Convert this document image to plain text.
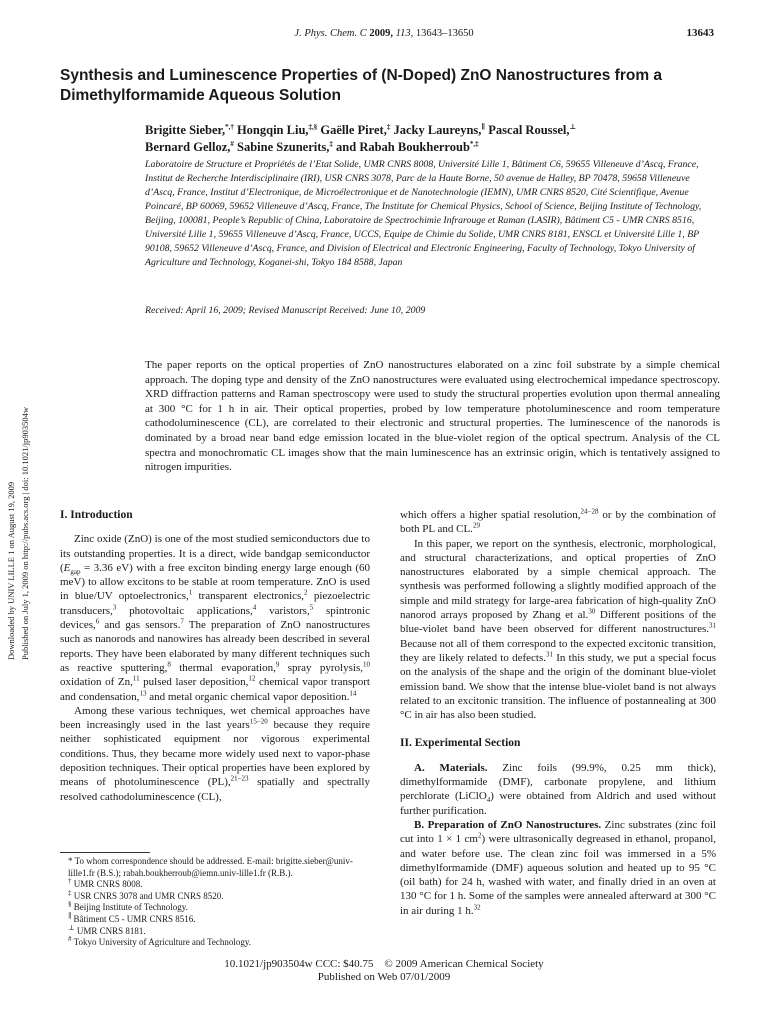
J. Phys. Chem. C 2009, 113, 13643–13650	13643
Synthesis and Luminescence Properties of (N-Doped) ZnO Nanostructures from a Dimethylformamide Aqueous Solution
Brigitte Sieber,*,† Hongqin Liu,‡,§ Gaëlle Piret,‡ Jacky Laureyns,∥ Pascal Roussel,⊥
Bernard Gelloz,# Sabine Szunerits,‡ and Rabah Boukherroub*,‡
Laboratoire de Structure et Propriétés de l’Etat Solide, UMR CNRS 8008, Université Lille 1, Bâtiment C6, 59655 Villeneuve d’Ascq, France, Institut de Recherche Interdisciplinaire (IRI), USR CNRS 3078, Parc de la Haute Borne, 50 avenue de Halley, BP 70478, 59658 Villeneuve d’Ascq, France, Institut d’Electronique, de Microélectronique et de Nanotechnologie (IEMN), UMR CNRS 8520, Cité Scientifique, Avenue Poincaré, BP 60069, 59652 Villeneuve d’Ascq, France, The Institute for Chemical Physics, School of Science, Beijing Institute of Technology, Beijing, 100081, People’s Republic of China, Laboratoire de Spectrochimie Infrarouge et Raman (LASIR), Bâtiment C5 - UMR CNRS 8516, Université Lille 1, 59655 Villeneuve d’Ascq, France, UCCS, Equipe de Chimie du Solide, UMR CNRS 8181, ENSCL et Université Lille 1, BP 90108, 59652 Villeneuve d’Ascq, France, and Division of Electrical and Electronic Engineering, Faculty of Technology, Tokyo University of Agriculture and Technology, Koganei-shi, Tokyo 184 8588, Japan
Received: April 16, 2009; Revised Manuscript Received: June 10, 2009
The paper reports on the optical properties of ZnO nanostructures elaborated on a zinc foil substrate by a simple chemical approach. The doping type and density of the ZnO nanostructures were evaluated using electrochemical impedance spectroscopy. XRD diffraction patterns and Raman spectroscopy were used to study the structural properties evolution upon thermal annealing at 300 °C for 1 h in air. Their optical properties, probed by low temperature photoluminescence and room temperature cathodoluminescence (CL), are correlated to their electronic and structural properties. The luminescence of the nanorods is dominated by a broad near band edge emission located in the blue-violet region of the optical spectrum. Analysis of the CL spectra and monochromatic CL images show that the main luminescence has an extrinsic origin, which is tentatively assigned to nitrogen impurities.
Downloaded by UNIV LILLE 1 on August 19, 2009 Published on July 1, 2009 on http://pubs.acs.org | doi: 10.1021/jp903504w	I. Introduction

Zinc oxide (ZnO) is one of the most studied semiconductors due to its outstanding properties. It is a direct, wide bandgap semiconductor ($E_{gap} = 3.36$ eV) with a free exciton binding energy large enough (60 meV) to allow excitons to be stable at room temperature. ZnO is used in blue/UV optoelectronics,$^1$ transparent electronics,$^2$ piezoelectric transducers,$^3$ photovoltaic applications,$^4$ varistors,$^5$ spintronic devices,$^6$ and gas sensors.$^7$ The preparation of ZnO nanostructures such as nanorods and nanowires has already been described in several reports. They have been elaborated by many different techniques such as reactive sputtering,$^8$ thermal evaporation,$^9$ spray pyrolysis,$^{10}$ oxidation of Zn,$^{11}$ pulsed laser deposition,$^{12}$ chemical vapor transport and condensation,$^{13}$ and metal organic chemical vapor deposition.$^{14}$

Among these various techniques, wet chemical approaches have been increasingly used in the last years$^{15-20}$ because they require neither sophisticated equipment nor vigorous experimental conditions. Thus, they became more widely used next to vapor-phase deposition techniques. Their optical properties have been explored by means of photoluminescence (PL),$^{21-23}$ spatially and spectrally resolved cathodoluminescence (CL),

which offers a higher spatial resolution,$^{24-28}$ or by the combination of both PL and CL.$^{29}$

In this paper, we report on the synthesis, electronic, morphological, and structural characterizations, and optical properties of ZnO nanostructures elaborated by a simple chemical approach. The synthesis was performed following a slightly modified approach of the simple and mild strategy for large-area fabrication of high-quality ZnO nanorod arrays proposed by Zhang et al.$^{30}$ Different positions of the blue-violet band have been observed for different nanostructures.$^{31}$ Because not all of them correspond to the expected excitonic transition, they are likely related to defects.$^{31}$ In this study, we put a special focus on the analysis of the shape and the origin of the dominant blue-violet emission band. We show that the intense blue-violet band is not always related to an excitonic transition. The influence of postannealing at 300 °C in air has also been studied.

II. Experimental Section

A. Materials. Zinc foils (99.9%, 0.25 mm thick), dimethylformamide (DMF), carbonate propylene, and lithium perchlorate (LiClO$_4$) were obtained from Aldrich and used without further purification.

B. Preparation of ZnO Nanostructures. Zinc substrates (zinc foil cut into 1 × 1 $cm^2$) were ultrasonically degreased in ethanol, propanol, and water before use. The clean zinc foil was immersed in a 5% dimethylformamide (DMF) aqueous solution and heated up to 95 °C (oil bath) for 24 h, washed with water, and finally dried in an oven at 130 °C for 1 h. Some of the samples were annealed afterward at 300 °C in air during 1 h.$^{32}$

* To whom correspondence should be addressed. E-mail: brigitte.sieber@univ-lille1.fr (B.S.); rabah.boukherroub@iemn.univ-lille1.fr (R.B.).
† UMR CNRS 8008.
‡ USR CNRS 3078 and UMR CNRS 8520.
§ Beijing Institute of Technology.
∥ Bâtiment C5 - UMR CNRS 8516.
⊥ UMR CNRS 8181.
# Tokyo University of Agriculture and Technology.
10.1021/jp903504w CCC: $40.75 © 2009 American Chemical Society
Published on Web 07/01/2009
